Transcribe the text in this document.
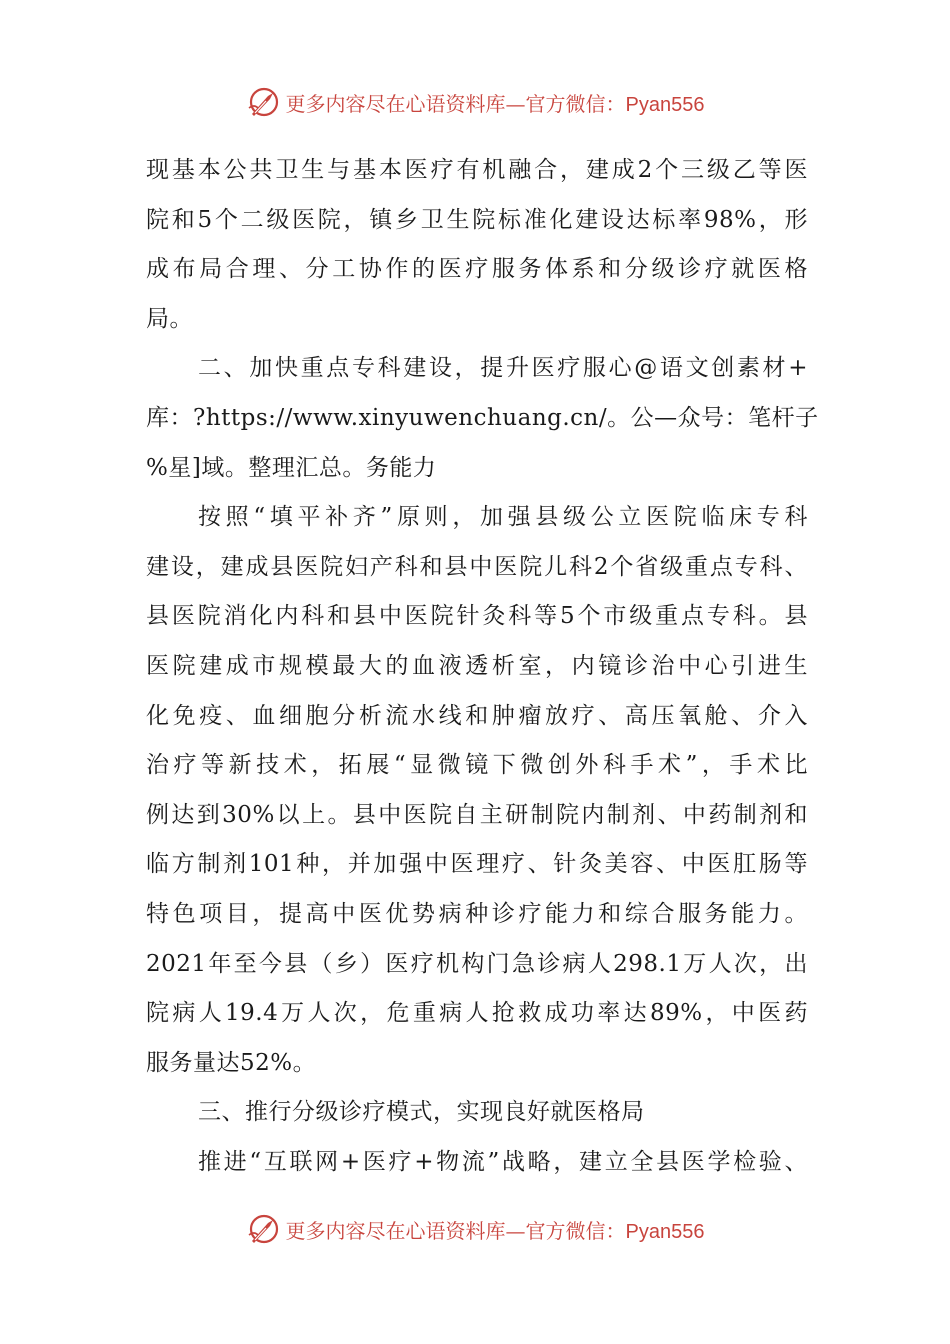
更多内容尽在心语资料库—官方微信：Pyan556
现基本公共卫生与基本医疗有机融合，建成2个三级乙等医
院和5个二级医院，镇乡卫生院标准化建设达标率98%，形
成布局合理、分工协作的医疗服务体系和分级诊疗就医格
局。
二、加快重点专科建设，提升医疗服心@语文创素材+
库：?https://www.xinyuwenchuang.cn/。公—众号：笔杆子
%星]域。整理汇总。务能力
按照“填平补齐”原则，加强县级公立医院临床专科
建设，建成县医院妇产科和县中医院儿科2个省级重点专科、
县医院消化内科和县中医院针灸科等5个市级重点专科。县
医院建成市规模最大的血液透析室，内镜诊治中心引进生
化免疫、血细胞分析流水线和肿瘤放疗、高压氧舱、介入
治疗等新技术，拓展“显微镜下微创外科手术”，手术比
例达到30%以上。县中医院自主研制院内制剂、中药制剂和
临方制剂101种，并加强中医理疗、针灸美容、中医肛肠等
特色项目，提高中医优势病种诊疗能力和综合服务能力。
2021年至今县（乡）医疗机构门急诊病人298.1万人次，出
院病人19.4万人次，危重病人抢救成功率达89%，中医药
服务量达52%。
三、推行分级诊疗模式，实现良好就医格局
推进“互联网+医疗+物流”战略，建立全县医学检验、
更多内容尽在心语资料库—官方微信：Pyan556
